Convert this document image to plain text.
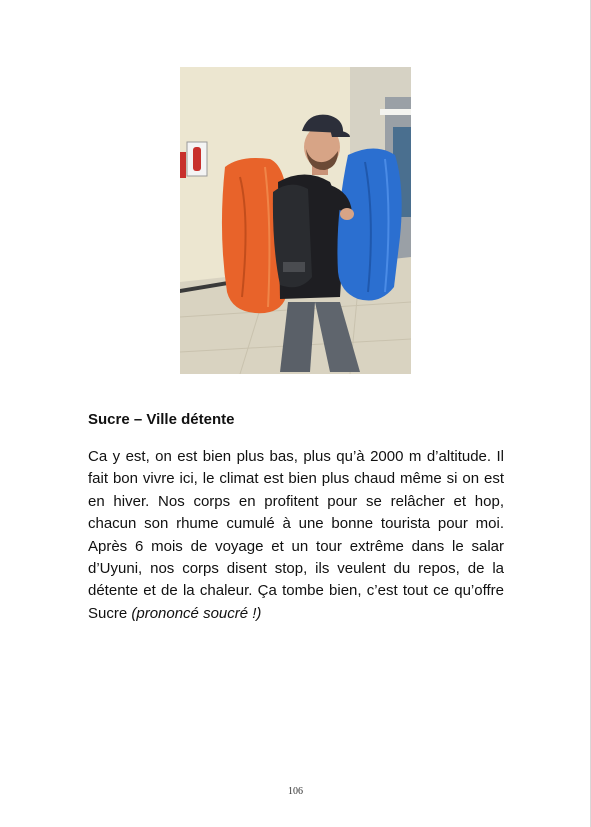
Sucre – Ville détente

Ca y est, on est bien plus bas, plus qu’à 2000 m d’altitude. Il fait bon vivre ici, le climat est bien plus chaud même si on est en hiver. Nos corps en profitent pour se relâcher et hop, chacun son rhume cumulé à une bonne tourista pour moi. Après 6 mois de voyage et un tour extrême dans le salar d’Uyuni, nos corps disent stop, ils veulent du repos, de la détente et de la chaleur. Ça tombe bien, c’est tout ce qu’offre Sucre (prononcé soucré !)

106
